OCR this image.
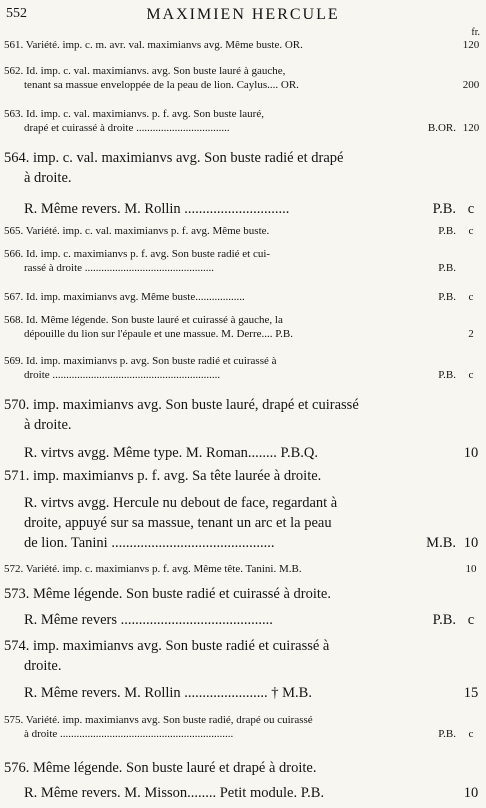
552	MAXIMIEN HERCULE
fr.
561. Variété. imp. c. m. avr. val. maximianvs avg. Même buste. OR.	120
562. Id. imp. c. val. maximianvs. avg. Son buste lauré à gauche,
tenant sa massue enveloppée de la peau de lion. Caylus.... OR.	200
563. Id. imp. c. val. maximianvs. p. f. avg. Son buste lauré,
drapé et cuirassé à droite ..................................	B.OR. 120
564. imp. c. val. maximianvs avg. Son buste radié et drapé
à droite.
R. Même revers. M. Rollin .............................	P.B. c
565. Variété. imp. c. val. maximianvs p. f. avg. Même buste.	P.B.	c
566. Id. imp. c. maximianvs p. f. avg. Son buste radié et cui-
rassé à droite ...............................................	P.B.
567. Id. imp. maximianvs avg. Même buste..................	P.B.	c
568. Id. Même légende. Son buste lauré et cuirassé à gauche, la
dépouille du lion sur l'épaule et une massue. M. Derre.... P.B.	2
569. Id. imp. maximianvs p. avg. Son buste radié et cuirassé à
droite .............................................................	P.B.	c
570. imp. maximianvs avg. Son buste lauré, drapé et cuirassé
à droite.
R. virtvs avgg. Même type. M. Roman........ P.B.Q.	10
571. imp. maximianvs p. f. avg. Sa tête laurée à droite.
R. virtvs avgg. Hercule nu debout de face, regardant à
droite, appuyé sur sa massue, tenant un arc et la peau
de lion. Tanini .............................................	M.B. 10
572. Variété. imp. c. maximianvs p. f. avg. Même tête. Tanini. M.B.	10
573. Même légende. Son buste radié et cuirassé à droite.
R. Même revers ..........................................	P.B. c
574. imp. maximianvs avg. Son buste radié et cuirassé à
droite.
R. Même revers. M. Rollin ....................... † M.B.	15
575. Variété. imp. maximianvs avg. Son buste radié, drapé ou cuirassé
à droite ...............................................................	P.B.	c
576. Même légende. Son buste lauré et drapé à droite.
R. Même revers. M. Misson........ Petit module. P.B.	10
